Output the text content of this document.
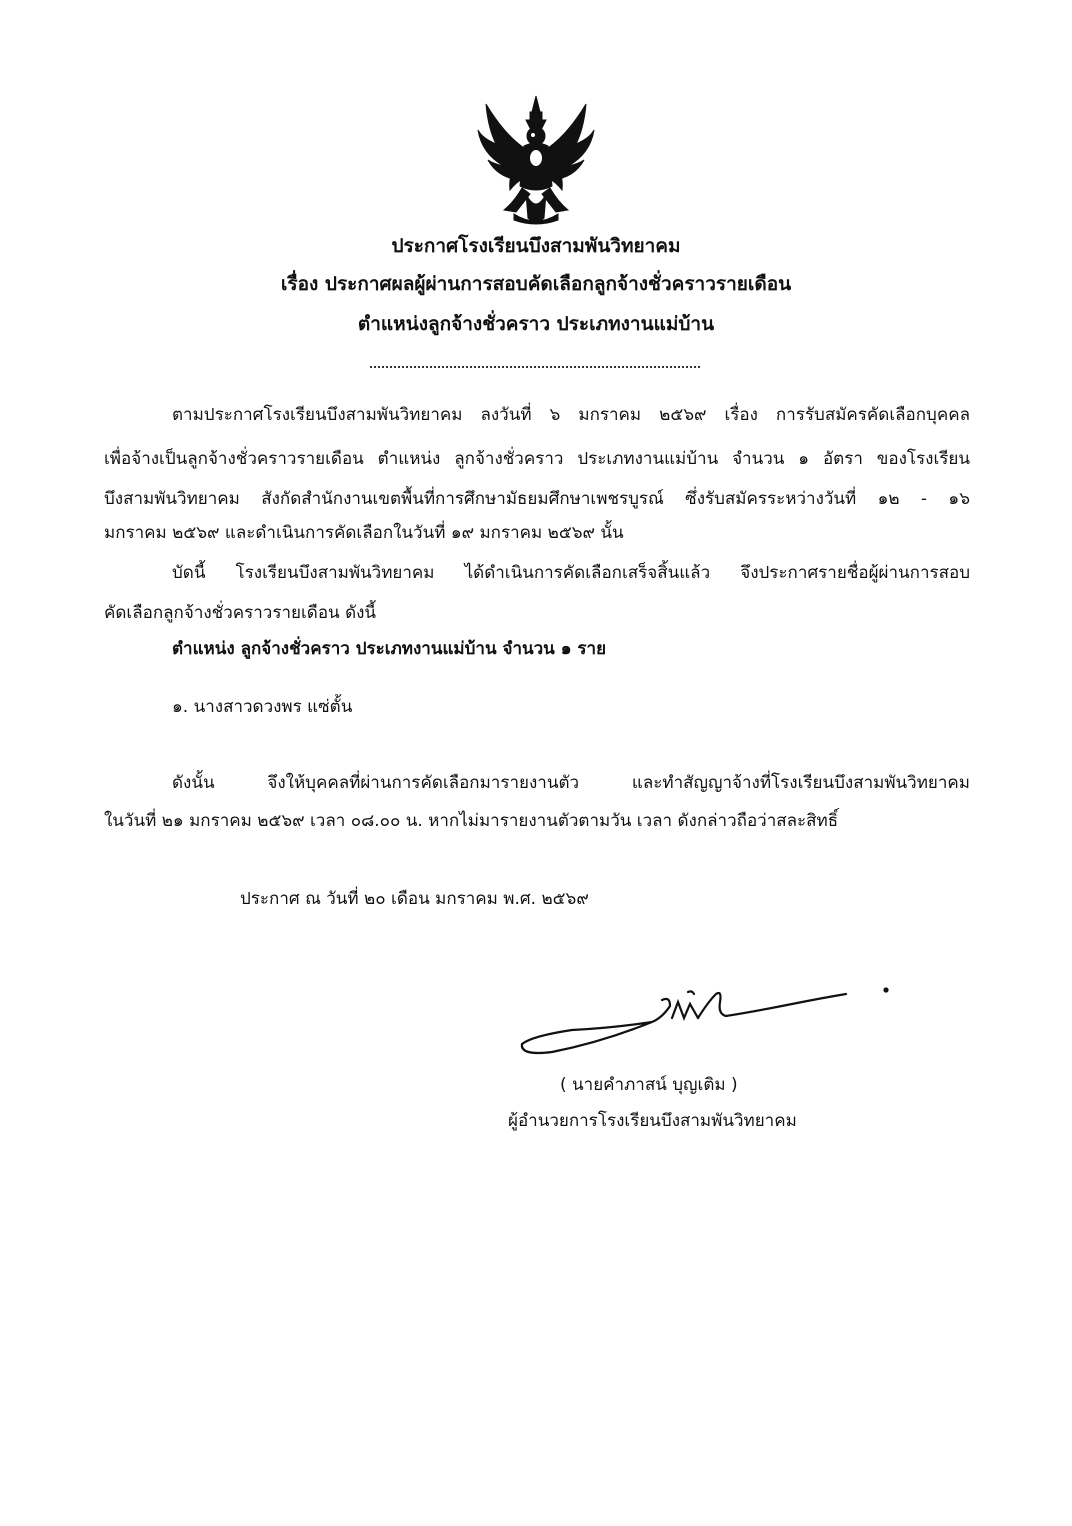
ประกาศโรงเรียนบึงสามพันวิทยาคม
เรื่อง ประกาศผลผู้ผ่านการสอบคัดเลือกลูกจ้างชั่วคราวรายเดือน
ตำแหน่งลูกจ้างชั่วคราว ประเภทงานแม่บ้าน
ตามประกาศโรงเรียนบึงสามพันวิทยาคม ลงวันที่ ๖ มกราคม ๒๕๖๙ เรื่อง การรับสมัครคัดเลือกบุคคล
เพื่อจ้างเป็นลูกจ้างชั่วคราวรายเดือน ตำแหน่ง ลูกจ้างชั่วคราว ประเภทงานแม่บ้าน จำนวน ๑ อัตรา ของโรงเรียน
บึงสามพันวิทยาคม สังกัดสำนักงานเขตพื้นที่การศึกษามัธยมศึกษาเพชรบูรณ์ ซึ่งรับสมัครระหว่างวันที่ ๑๒ - ๑๖
มกราคม ๒๕๖๙ และดำเนินการคัดเลือกในวันที่ ๑๙ มกราคม ๒๕๖๙ นั้น
บัดนี้ โรงเรียนบึงสามพันวิทยาคม ได้ดำเนินการคัดเลือกเสร็จสิ้นแล้ว จึงประกาศรายชื่อผู้ผ่านการสอบ
คัดเลือกลูกจ้างชั่วคราวรายเดือน ดังนี้
ตำแหน่ง ลูกจ้างชั่วคราว ประเภทงานแม่บ้าน จำนวน ๑ ราย
๑. นางสาวดวงพร แซ่ตั้น
ดังนั้น จึงให้บุคคลที่ผ่านการคัดเลือกมารายงานตัว และทำสัญญาจ้างที่โรงเรียนบึงสามพันวิทยาคม
ในวันที่ ๒๑ มกราคม ๒๕๖๙ เวลา ๐๘.๐๐ น. หากไม่มารายงานตัวตามวัน เวลา ดังกล่าวถือว่าสละสิทธิ์
ประกาศ ณ วันที่ ๒๐ เดือน มกราคม พ.ศ. ๒๕๖๙
( นายคำภาสน์ บุญเติม )
ผู้อำนวยการโรงเรียนบึงสามพันวิทยาคม
